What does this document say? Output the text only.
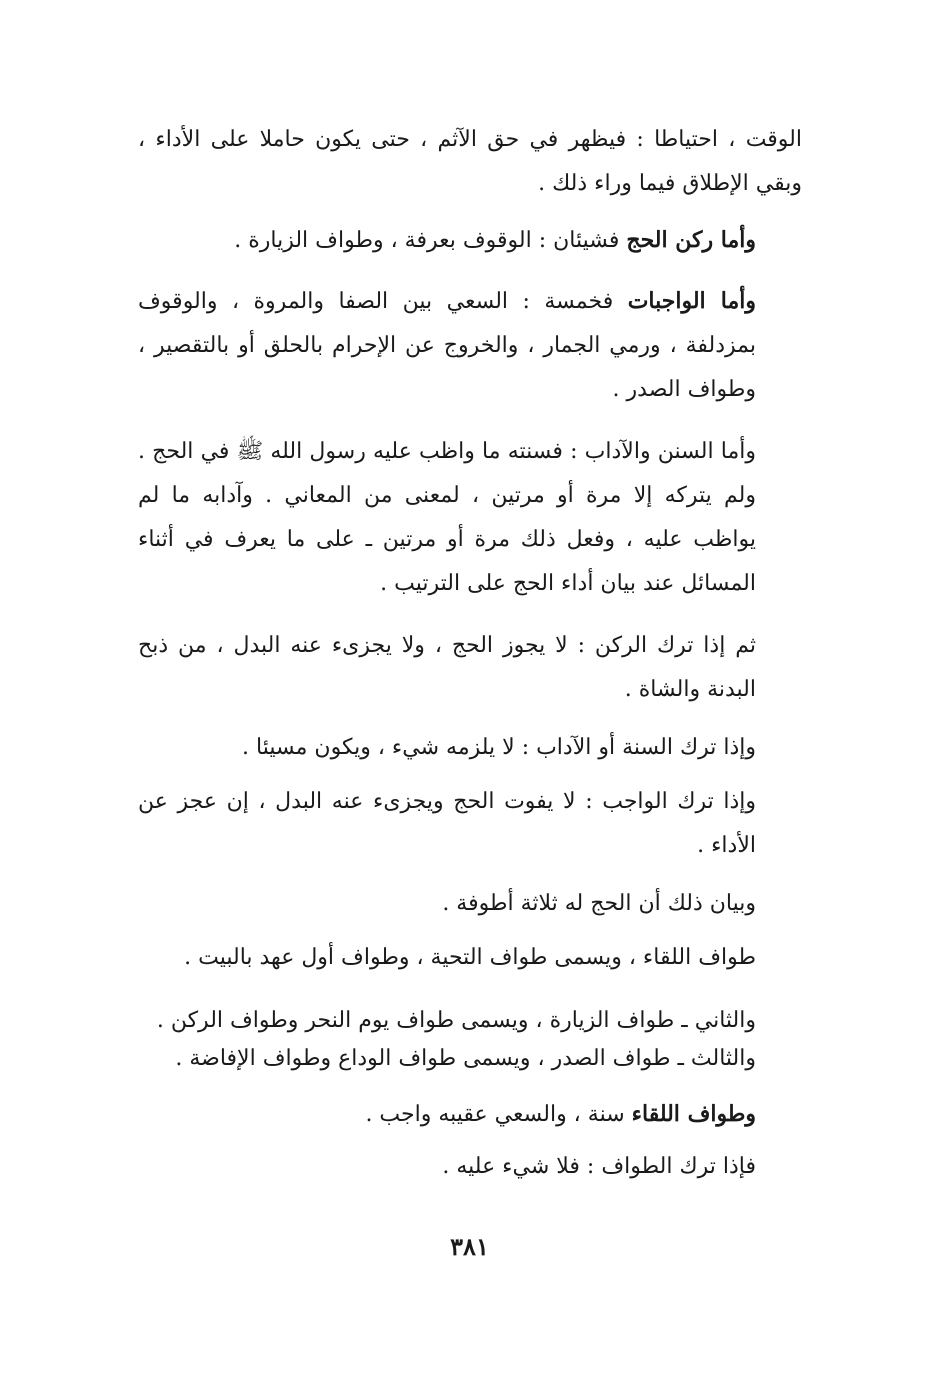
الوقت ، احتياطا : فيظهر في حق الآثم ، حتى يكون حاملا على الأداء ، وبقي الإطلاق فيما وراء ذلك .

وأما ركن الحج فشيئان : الوقوف بعرفة ، وطواف الزيارة .

وأما الواجبات فخمسة : السعي بين الصفا والمروة ، والوقوف بمزدلفة ، ورمي الجمار ، والخروج عن الإحرام بالحلق أو بالتقصير ، وطواف الصدر .

وأما السنن والآداب : فسنته ما واظب عليه رسول الله ﷺ في الحج . ولم يتركه إلا مرة أو مرتين ، لمعنى من المعاني . وآدابه ما لم يواظب عليه ، وفعل ذلك مرة أو مرتين ـ على ما يعرف في أثناء المسائل عند بيان أداء الحج على الترتيب .

ثم إذا ترك الركن : لا يجوز الحج ، ولا يجزىء عنه البدل ، من ذبح البدنة والشاة .

وإذا ترك السنة أو الآداب : لا يلزمه شيء ، ويكون مسيئا .

وإذا ترك الواجب : لا يفوت الحج ويجزىء عنه البدل ، إن عجز عن الأداء .

وبيان ذلك أن الحج له ثلاثة أطوفة .

طواف اللقاء ، ويسمى طواف التحية ، وطواف أول عهد بالبيت .

والثاني ـ طواف الزيارة ، ويسمى طواف يوم النحر وطواف الركن .

والثالث ـ طواف الصدر ، ويسمى طواف الوداع وطواف الإفاضة .

وطواف اللقاء سنة ، والسعي عقيبه واجب .

فإذا ترك الطواف : فلا شيء عليه .

٣٨١
